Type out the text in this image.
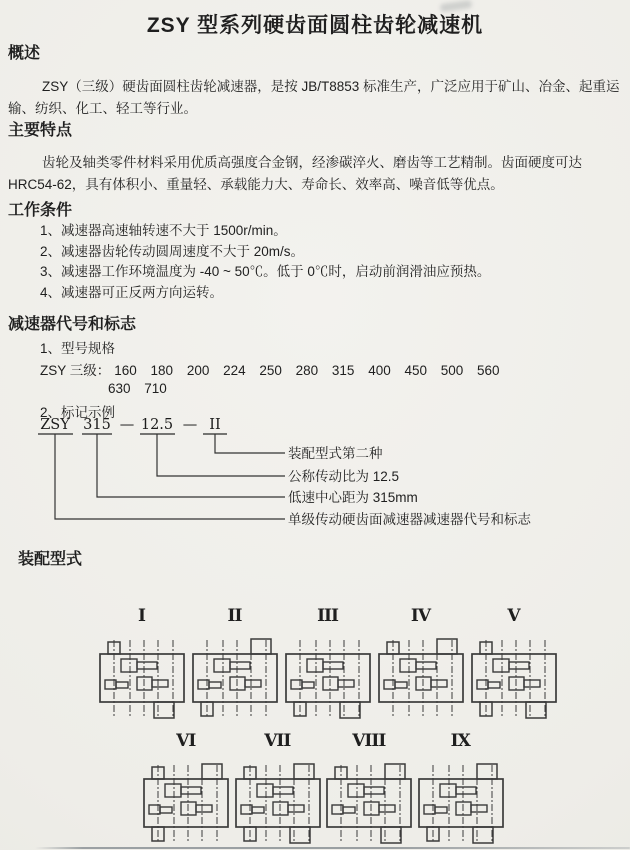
ZSY 型系列硬齿面圆柱齿轮减速机
概述

ZSY（三级）硬齿面圆柱齿轮减速器，是按 JB/T8853 标准生产，广泛应用于矿山、冶金、起重运输、纺织、化工、轻工等行业。

主要特点

齿轮及轴类零件材料采用优质高强度合金钢，经渗碳淬火、磨齿等工艺精制。齿面硬度可达 HRC54-62，具有体积小、重量轻、承载能力大、寿命长、效率高、噪音低等优点。

工作条件
1、减速器高速轴转速不大于 1500r/min。
2、减速器齿轮传动圆周速度不大于 20m/s。
3、减速器工作环境温度为 -40 ~ 50℃。低于 0℃时，启动前润滑油应预热。
4、减速器可正反两方向运转。
减速器代号和标志
1、型号规格
ZSY 三级： 160 180 200 224 250 280 315 400 450 500 560
630 710
2、标记示例
ZSY 315 — 12.5 — II
装配型式第二种
公称传动比为 12.5
低速中心距为 315mm
单级传动硬齿面减速器减速器代号和标志
装配型式
I	II	III	IV	V
VI	VII	VIII	IX
